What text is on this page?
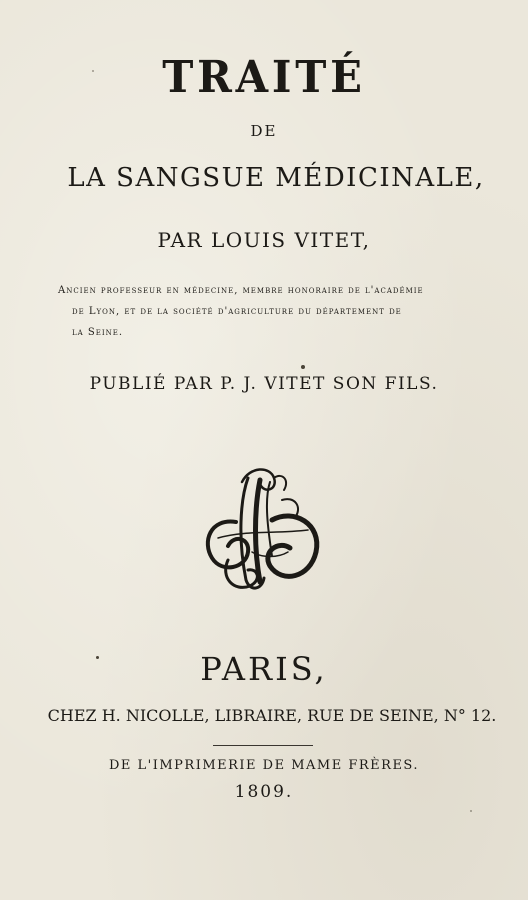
TRAITÉ
DE
LA SANGSUE MÉDICINALE,
PAR LOUIS VITET,
Ancien professeur en médecine, membre honoraire de l'académie
de Lyon, et de la société d'agriculture du département de
la Seine.
PUBLIÉ PAR P. J. VITET SON FILS.
PARIS,
CHEZ H. NICOLLE, LIBRAIRE, RUE DE SEINE, N° 12.
DE L'IMPRIMERIE DE MAME FRÈRES.
1809.
